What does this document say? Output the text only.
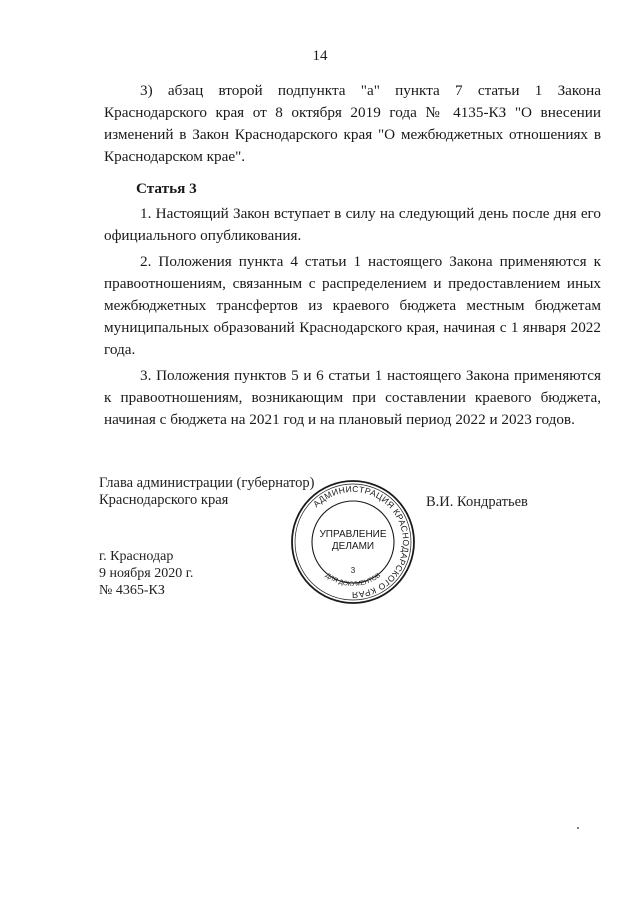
14

3) абзац второй подпункта "а" пункта 7 статьи 1 Закона Краснодарского края от 8 октября 2019 года № 4135-КЗ "О внесении изменений в Закон Краснодарского края "О межбюджетных отношениях в Краснодарском крае".

Статья 3

1. Настоящий Закон вступает в силу на следующий день после дня его официального опубликования.

2. Положения пункта 4 статьи 1 настоящего Закона применяются к правоотношениям, связанным с распределением и предоставлением иных межбюджетных трансфертов из краевого бюджета местным бюджетам муниципальных образований Краснодарского края, начиная с 1 января 2022 года.

3. Положения пунктов 5 и 6 статьи 1 настоящего Закона применяются к правоотношениям, возникающим при составлении краевого бюджета, начиная с бюджета на 2021 год и на плановый период 2022 и 2023 годов.

Глава администрации (губернатор)
Краснодарского края	В.И. Кондратьев
г. Краснодар
9 ноября 2020 г.
№ 4365-КЗ
АДМИНИСТРАЦИЯ КРАСНОДАРСКОГО КРАЯ
ДЛЯ ДОКУМЕНТОВ
УПРАВЛЕНИЕ
ДЕЛАМИ
3
